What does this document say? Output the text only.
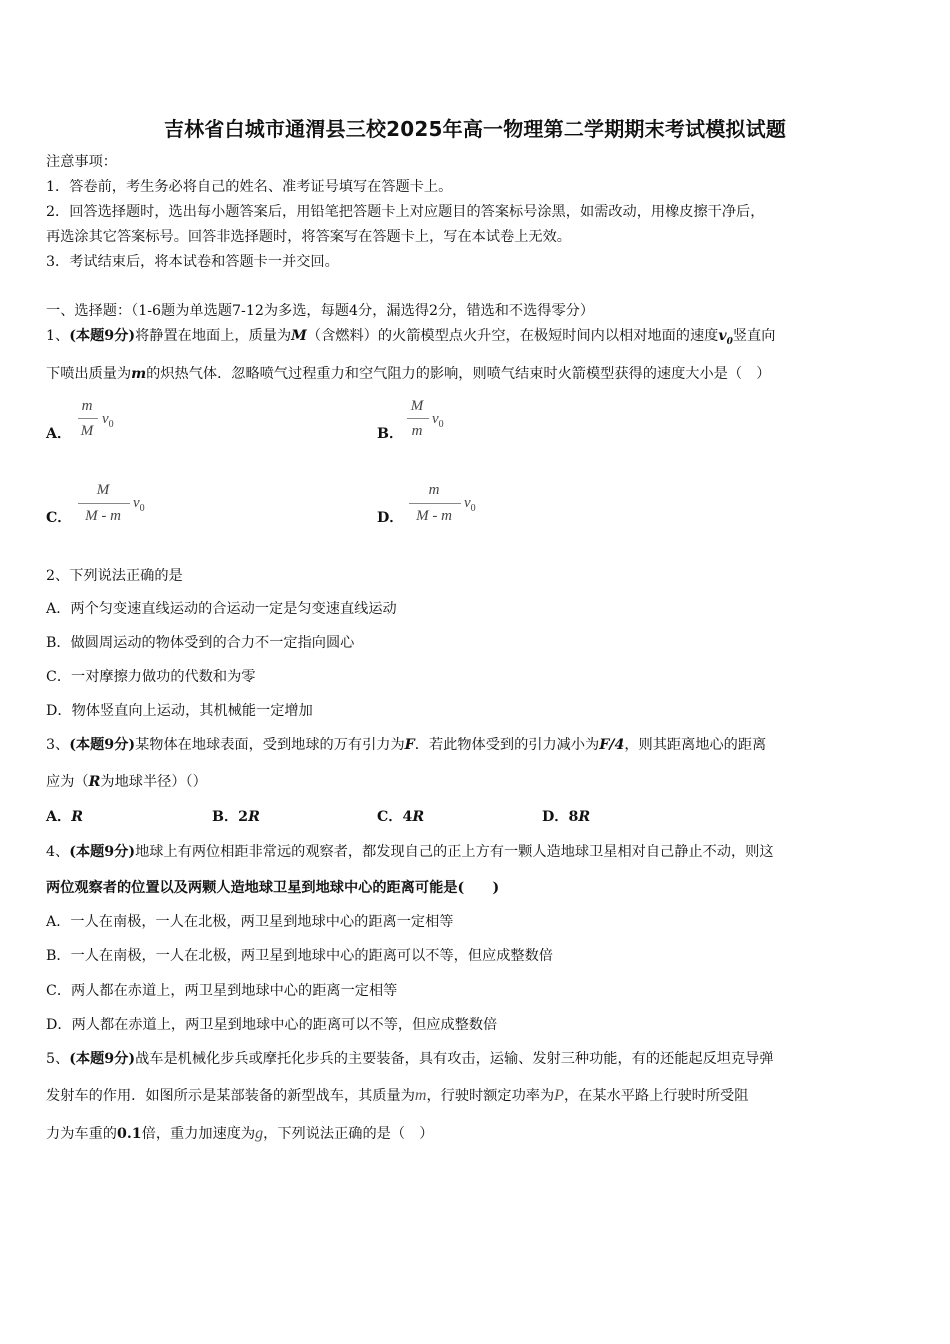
吉林省白城市通渭县三校2025年高一物理第二学期期末考试模拟试题
注意事项：
1．答卷前，考生务必将自己的姓名、准考证号填写在答题卡上。
2．回答选择题时，选出每小题答案后，用铅笔把答题卡上对应题目的答案标号涂黑，如需改动，用橡皮擦干净后，
再选涂其它答案标号。回答非选择题时，将答案写在答题卡上，写在本试卷上无效。
3．考试结束后，将本试卷和答题卡一并交回。
一、选择题：（1-6题为单选题7-12为多选，每题4分，漏选得2分，错选和不选得零分）
1、(本题9分)将静置在地面上，质量为M（含燃料）的火箭模型点火升空，在极短时间内以相对地面的速度$v_0$竖直向
下喷出质量为m的炽热气体．忽略喷气过程重力和空气阻力的影响，则喷气结束时火箭模型获得的速度大小是（　）
A．
m
M
$v_0$
B．
M
m
$v_0$
C．
M
M - m
$v_0$
D．
m
M - m
$v_0$
2、下列说法正确的是
A．两个匀变速直线运动的合运动一定是匀变速直线运动
B．做圆周运动的物体受到的合力不一定指向圆心
C．一对摩擦力做功的代数和为零
D．物体竖直向上运动，其机械能一定增加
3、(本题9分)某物体在地球表面，受到地球的万有引力为F．若此物体受到的引力减小为F/4，则其距离地心的距离
应为（R为地球半径）（）
A．R	B．2R	C．4R	D．8R
4、(本题9分)地球上有两位相距非常远的观察者，都发现自己的正上方有一颗人造地球卫星相对自己静止不动，则这
两位观察者的位置以及两颗人造地球卫星到地球中心的距离可能是(　　)
A．一人在南极，一人在北极，两卫星到地球中心的距离一定相等
B．一人在南极，一人在北极，两卫星到地球中心的距离可以不等，但应成整数倍
C．两人都在赤道上，两卫星到地球中心的距离一定相等
D．两人都在赤道上，两卫星到地球中心的距离可以不等，但应成整数倍
5、(本题9分)战车是机械化步兵或摩托化步兵的主要装备，具有攻击，运输、发射三种功能，有的还能起反坦克导弹
发射车的作用．如图所示是某部装备的新型战车，其质量为m，行驶时额定功率为P，在某水平路上行驶时所受阻
力为车重的0.1倍，重力加速度为g，下列说法正确的是（　）
